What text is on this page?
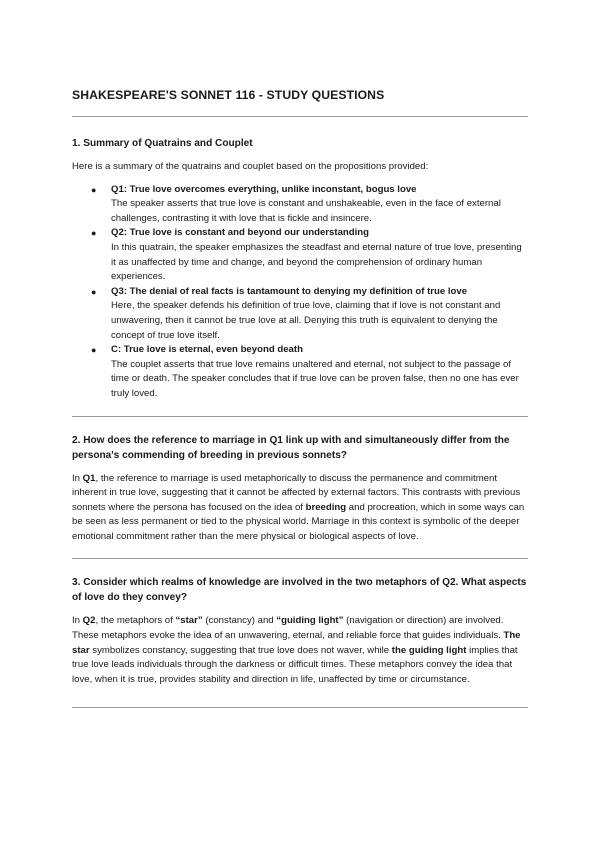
SHAKESPEARE'S SONNET 116 - STUDY QUESTIONS
1. Summary of Quatrains and Couplet

Here is a summary of the quatrains and couplet based on the propositions provided:

● Q1: True love overcomes everything, unlike inconstant, bogus love
The speaker asserts that true love is constant and unshakeable, even in the face of external challenges, contrasting it with love that is fickle and insincere.
● Q2: True love is constant and beyond our understanding
In this quatrain, the speaker emphasizes the steadfast and eternal nature of true love, presenting it as unaffected by time and change, and beyond the comprehension of ordinary human experiences.
● Q3: The denial of real facts is tantamount to denying my definition of true love
Here, the speaker defends his definition of true love, claiming that if love is not constant and unwavering, then it cannot be true love at all. Denying this truth is equivalent to denying the concept of true love itself.
● C: True love is eternal, even beyond death
The couplet asserts that true love remains unaltered and eternal, not subject to the passage of time or death. The speaker concludes that if true love can be proven false, then no one has ever truly loved.
2. How does the reference to marriage in Q1 link up with and simultaneously differ from the persona's commending of breeding in previous sonnets?

In Q1, the reference to marriage is used metaphorically to discuss the permanence and commitment inherent in true love, suggesting that it cannot be affected by external factors. This contrasts with previous sonnets where the persona has focused on the idea of breeding and procreation, which in some ways can be seen as less permanent or tied to the physical world. Marriage in this context is symbolic of the deeper emotional commitment rather than the mere physical or biological aspects of love.

3. Consider which realms of knowledge are involved in the two metaphors of Q2. What aspects of love do they convey?

In Q2, the metaphors of “star” (constancy) and “guiding light” (navigation or direction) are involved. These metaphors evoke the idea of an unwavering, eternal, and reliable force that guides individuals. The star symbolizes constancy, suggesting that true love does not waver, while the guiding light implies that true love leads individuals through the darkness or difficult times. These metaphors convey the idea that love, when it is true, provides stability and direction in life, unaffected by time or circumstance.
